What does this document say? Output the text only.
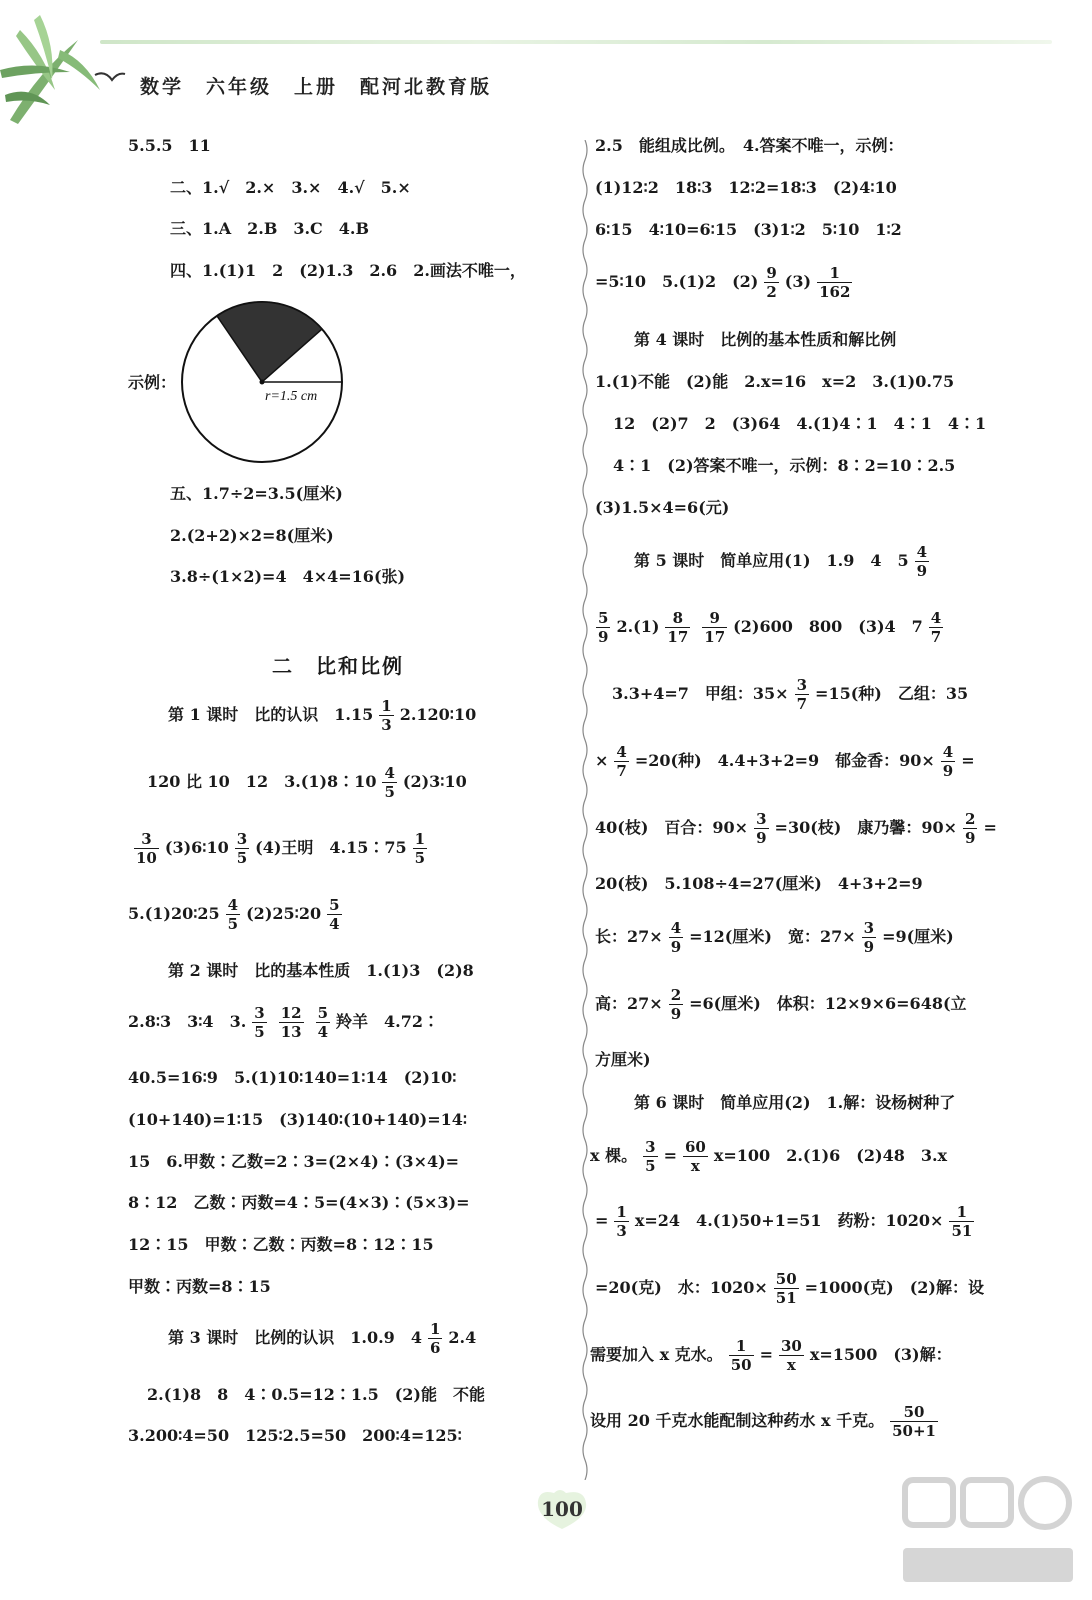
数学　六年级　上册　配河北教育版
5.5.5　11
二、1.√　2.×　3.×　4.√　5.×
三、1.A　2.B　3.C　4.B
四、1.(1)1　2　(2)1.3　2.6　2.画法不唯一，
示例：
r=1.5 cm
五、1.7÷2=3.5(厘米)
2.(2+2)×2=8(厘米)
3.8÷(1×2)=4　4×4=16(张)
二　比和比例
第 1 课时　比的认识　$1.15 \frac{1}{3}$ 2.120∶10
120 比 10　12　3.(1)8∶10 $\frac{4}{5}$ (2)3∶10
$\frac{3}{10}$ (3)6∶10 $\frac{3}{5} (4)$王明　4.15∶75 $\frac{1}{5}$
5.(1)20∶25 $\frac{4}{5}$ (2)25∶20 $\frac{5}{4}$
第 2 课时　比的基本性质　1.(1)3　(2)8
2.8∶3　3∶4　3. $\frac{3}{5} \frac{12}{13} \frac{5}{4}$ 羚羊　4.72∶
40.5=16∶9　5.(1)10∶140=1∶14　(2)10∶
(10+140)=1∶15　(3)140∶(10+140)=14∶
15　6.甲数∶乙数=2∶3=(2×4)∶(3×4)=
8∶12　乙数∶丙数=4∶5=(4×3)∶(5×3)=
12∶15　甲数∶乙数∶丙数=8∶12∶15
甲数∶丙数=8∶15
第 3 课时　比例的认识　1.0.9　$4 \frac{1}{6} 2.4$
2.(1)8　8　4∶0.5=12∶1.5　(2)能　不能
3.200∶4=50　125∶2.5=50　200∶4=125∶
2.5　能组成比例。　4.答案不唯一，示例：
(1)12∶2　18∶3　12∶2=18∶3　(2)4∶10
6∶15　4∶10=6∶15　(3)1∶2　5∶10　1∶2
=5∶10　5.(1)2　$(2) \frac{9}{2} (3) \frac{1}{162}$
第 4 课时　比例的基本性质和解比例
1.(1)不能　(2)能　2.x=16　x=2　3.(1)0.75
12　(2)7　2　(3)64　4.(1)4∶1　4∶1　4∶1
4∶1　(2)答案不唯一，示例：8∶2=10∶2.5
(3)1.5×4=6(元)
第 5 课时　简单应用(1)　1.9　4　$5 \frac{4}{9}$
$\frac{5}{9} 2.(1) \frac{8}{17} \frac{9}{17} (2)600$　800　(3)4　$7 \frac{4}{7}$
3.3+4=7　甲组：$35\times \frac{3}{7} =15$(种)　乙组：35
× $\frac{4}{7} =20$(种)　4.4+3+2=9　郁金香：$90\times \frac{4}{9}$ =
40(枝)　百合：$90\times \frac{3}{9} =30$(枝)　康乃馨：$90\times \frac{2}{9}$ =
20(枝)　5.108÷4=27(厘米)　4+3+2=9
长：$27\times \frac{4}{9} =12$(厘米)　宽：$27\times \frac{3}{9} =9$(厘米)
高：$27\times \frac{2}{9} =6$(厘米)　体积：12×9×6=648(立
方厘米)
第 6 课时　简单应用(2)　1.解：设杨树种了
x 棵。 $\frac{3}{5} = \frac{60}{x} x=100$　2.(1)6　(2)48　3.x
= $\frac{1}{3} x=24$　4.(1)50+1=51　药粉：$1020\times \frac{1}{51}$
=20(克)　水：$1020\times \frac{50}{51} =1000$(克)　(2)解：设
需要加入 x 克水。 $\frac{1}{50} = \frac{30}{x} x=1500$　(3)解：
设用 20 千克水能配制这种药水 x 千克。 $\frac{50}{50+1}$
100
